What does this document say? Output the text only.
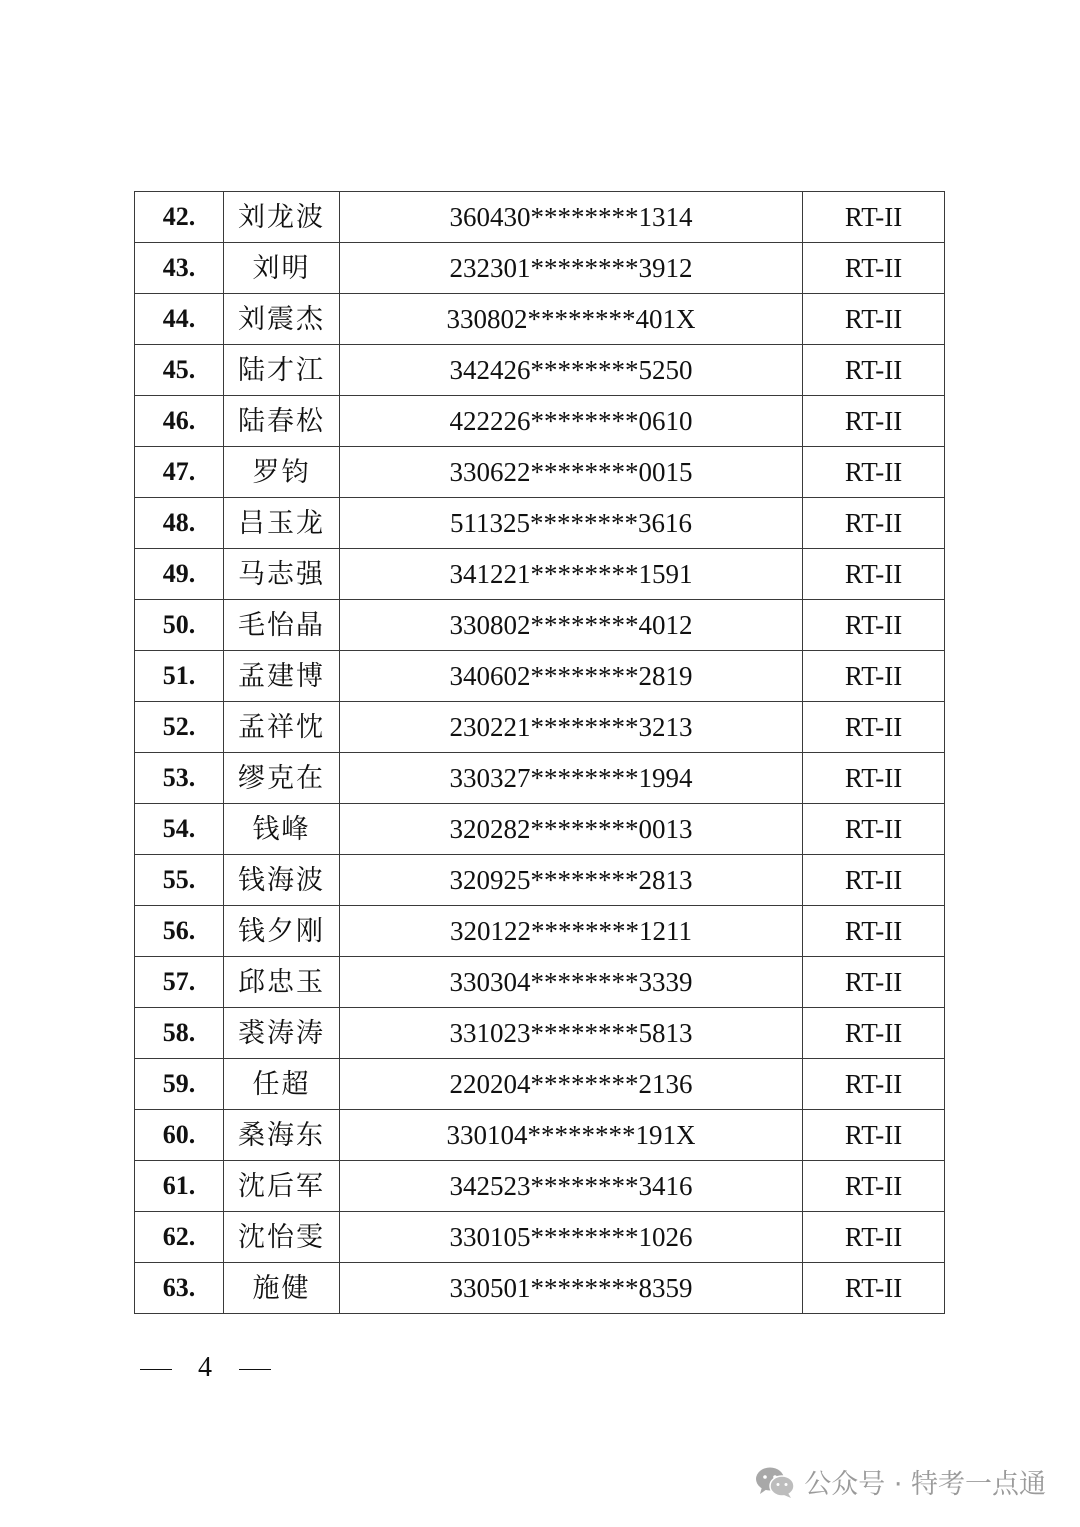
42.	刘龙波	360430********1314	RT-II
43.	刘明	232301********3912	RT-II
44.	刘震杰	330802********401X	RT-II
45.	陆才江	342426********5250	RT-II
46.	陆春松	422226********0610	RT-II
47.	罗钧	330622********0015	RT-II
48.	吕玉龙	511325********3616	RT-II
49.	马志强	341221********1591	RT-II
50.	毛怡晶	330802********4012	RT-II
51.	孟建博	340602********2819	RT-II
52.	孟祥忱	230221********3213	RT-II
53.	缪克在	330327********1994	RT-II
54.	钱峰	320282********0013	RT-II
55.	钱海波	320925********2813	RT-II
56.	钱夕刚	320122********1211	RT-II
57.	邱忠玉	330304********3339	RT-II
58.	裘涛涛	331023********5813	RT-II
59.	任超	220204********2136	RT-II
60.	桑海东	330104********191X	RT-II
61.	沈后军	342523********3416	RT-II
62.	沈怡雯	330105********1026	RT-II
63.	施健	330501********8359	RT-II
4
公众号 · 特考一点通
